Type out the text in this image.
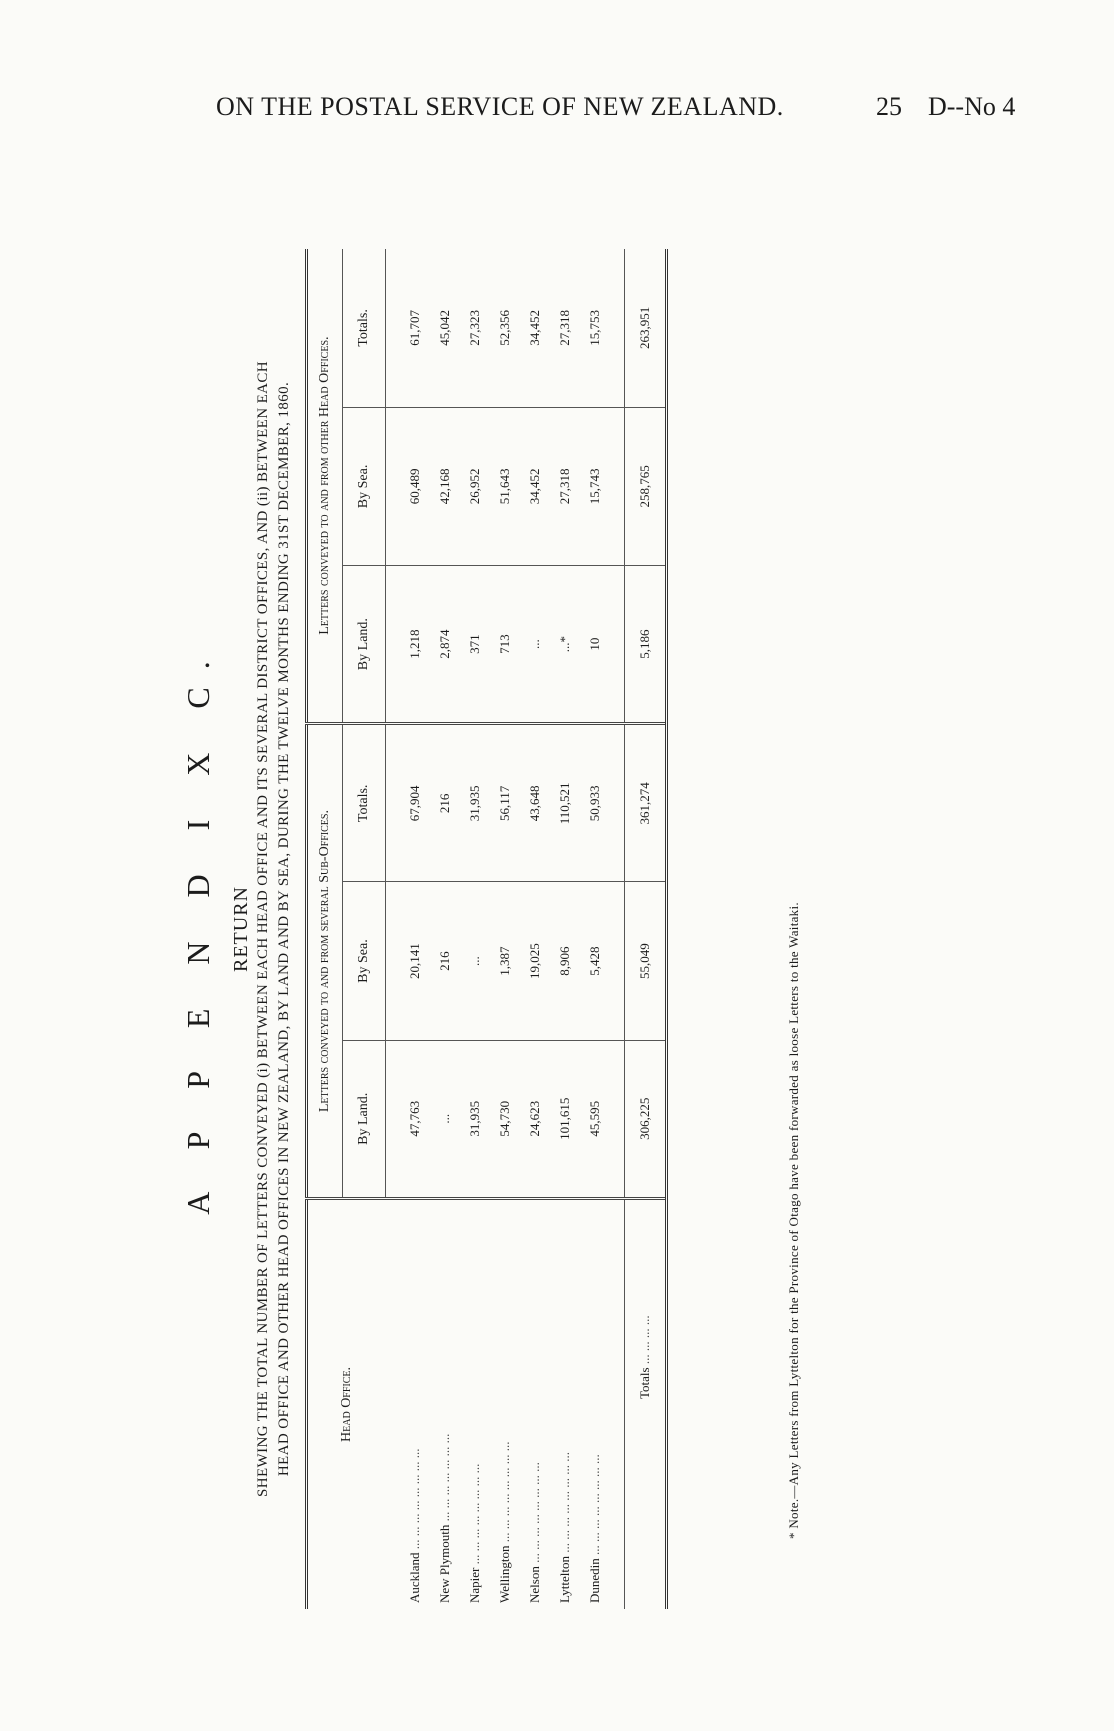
ON THE POSTAL SERVICE OF NEW ZEALAND.	25 D--No 4
A P P E N D I X C. RETURN SHEWING THE TOTAL NUMBER OF LETTERS CONVEYED (i) BETWEEN EACH HEAD OFFICE AND ITS SEVERAL DISTRICT OFFICES, AND (ii) BETWEEN EACH HEAD OFFICE AND OTHER HEAD OFFICES IN NEW ZEALAND, BY LAND AND BY SEA, DURING THE TWELVE MONTHS ENDING 31ST DECEMBER, 1860.	Head Office.	Letters conveyed to and from several Sub-Offices.			Letters conveyed to and from other Head Offices.		
	By Land.	By Sea.	Totals.	By Land.	By Sea.	Totals.
Auckland ... ... ... ... ... ... ... ...	47,763	20,141	67,904	1,218	60,489	61,707
New Plymouth ... ... ... ... ... ... ...	...	216	216	2,874	42,168	45,042
Napier ... ... ... ... ... ... ... ...	31,935	...	31,935	371	26,952	27,323
Wellington ... ... ... ... ... ... ... ...	54,730	1,387	56,117	713	51,643	52,356
Nelson ... ... ... ... ... ... ... ...	24,623	19,025	43,648	...	34,452	34,452
Lyttelton ... ... ... ... ... ... ... ...	101,615	8,906	110,521	...*	27,318	27,318
Dunedin ... ... ... ... ... ... ... ...	45,595	5,428	50,933	10	15,743	15,753

Totals ... ... ... ...	306,225	55,049	361,274	5,186	258,765	263,951
* Note.—Any Letters from Lyttelton for the Province of Otago have been forwarded as loose Letters to the Waitaki.
